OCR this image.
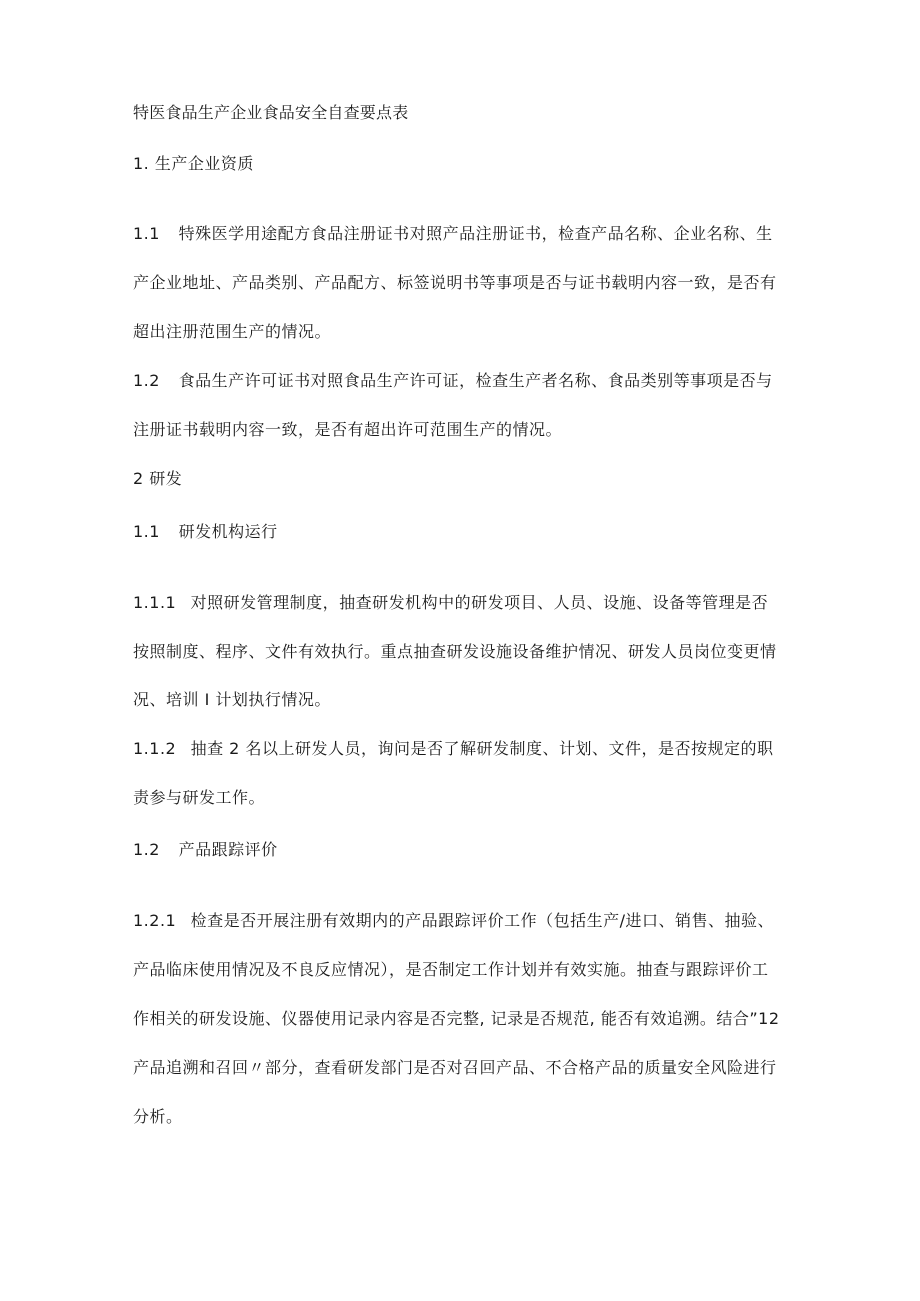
特医食品生产企业食品安全自查要点表
1. 生产企业资质
1.1 特殊医学用途配方食品注册证书对照产品注册证书，检查产品名称、企业名称、生
产企业地址、产品类别、产品配方、标签说明书等事项是否与证书载明内容一致，是否有
超出注册范围生产的情况。
1.2 食品生产许可证书对照食品生产许可证，检查生产者名称、食品类别等事项是否与
注册证书载明内容一致，是否有超出许可范围生产的情况。
2 研发
1.1 研发机构运行
1.1.1 对照研发管理制度，抽查研发机构中的研发项目、人员、设施、设备等管理是否
按照制度、程序、文件有效执行。重点抽查研发设施设备维护情况、研发人员岗位变更情
况、培训 I 计划执行情况。
1.1.2 抽查 2 名以上研发人员，询问是否了解研发制度、计划、文件，是否按规定的职
责参与研发工作。
1.2 产品跟踪评价
1.2.1 检查是否开展注册有效期内的产品跟踪评价工作（包括生产/进口、销售、抽验、
产品临床使用情况及不良反应情况），是否制定工作计划并有效实施。抽查与跟踪评价工
作相关的研发设施、仪器使用记录内容是否完整, 记录是否规范, 能否有效追溯。结合”12
产品追溯和召回〃部分，查看研发部门是否对召回产品、不合格产品的质量安全风险进行
分析。
